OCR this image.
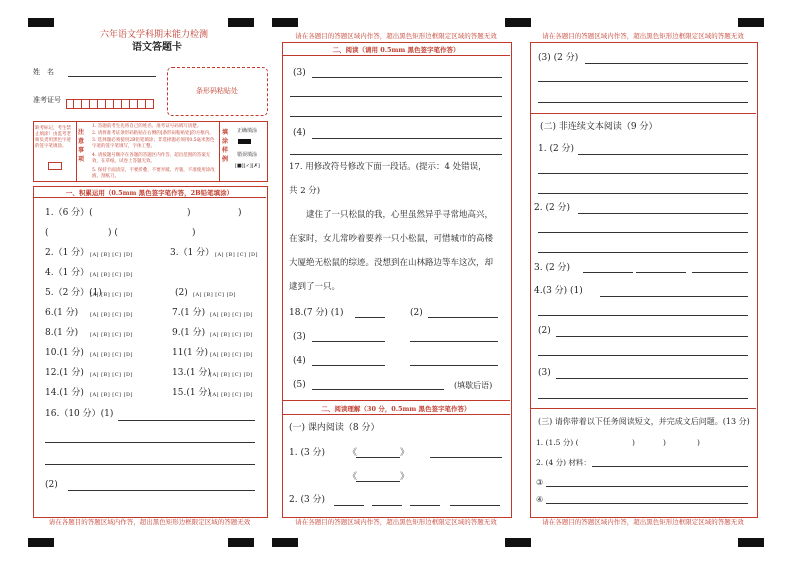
六年语文学科期末能力检测
语文答题卡
姓　名
准考证号
条形码粘贴处
缺考标记，考生禁止填涂！由监考老师负责用黑色字迹的签字笔填涂。
注意事项
1. 答题前考生先将自己的姓名、准考证号码填写清楚。
2. 请将准考证条形码粘贴在右侧的[条形码粘贴处]的方框内。
3. 选择题必须使用2B铅笔填涂；非选择题必须用0.5毫米黑色字迹的签字笔填写，字体工整。
4. 请按题号顺序在各题的答题区内作答，超出范围的答案无效，在草纸、试卷上答题无效。
5. 保持卡面清洁，不要折叠，不要弄破、弄皱，不准使用涂改液、刮纸刀。
填涂样例
正确填涂
错误填涂
[■][✓][✗]
一、积累运用（0.5mm 黑色签字笔作答，2B铅笔填涂）
1.（6 分）(	)	)
(	) (	)
2.（1 分） [A] [B] [C] [D]	3.（1 分） [A] [B] [C] [D]
4.（1 分） [A] [B] [C] [D]
5.（2 分）(1)
[A] [B] [C] [D]	(2) [A] [B] [C] [D]
6.(1 分) [A] [B] [C] [D]	7.(1 分) [A] [B] [C] [D]
8.(1 分) [A] [B] [C] [D]	9.(1 分) [A] [B] [C] [D]
10.(1 分) [A] [B] [C] [D]	11(1 分) [A] [B] [C] [D]
12.(1 分) [A] [B] [C] [D]	13.(1 分) [A] [B] [C] [D]
14.(1 分) [A] [B] [C] [D]	15.(1 分) [A] [B] [C] [D]
16.（10 分）(1)
(2)
请在各题目的答题区域内作答，超出黑色矩形边框限定区域的答题无效
请在各题目的答题区域内作答，超出黑色矩形边框限定区域的答题无效
二、阅读（请用 0.5mm 黑色签字笔作答）
(3)
(4)
17. 用修改符号修改下面一段话。(提示：4 处错误，
共 2 分)
逮住了一只松鼠的我，心里虽然异乎寻常地高兴，在家时，女儿常吵着要养一只小松鼠，可惜城市的高楼大厦绝无松鼠的综迹。没想到在山林路边等车这次，却逮到了一只。
18.(7 分) (1)	(2)
(3)
(4)
(5)	(填歇后语)
二、阅读理解（30 分，0.5mm 黑色签字笔作答）
(一) 课内阅读（8 分）
1. (3 分)	《	》
《	》
2. (3 分)
请在各题目的答题区域内作答，超出黑色矩形边框限定区域的答题无效
请在各题目的答题区域内作答，超出黑色矩形边框限定区域的答题无效
(3) (2 分)
(二) 非连续文本阅读（9 分）
1. (2 分)
2. (2 分)
3. (2 分)
4.(3 分) (1)
(2)
(3)
(三) 请你带着以下任务阅读短文，并完成文后问题。(13 分)
1. (1.5 分) (	)	)	)
2. (4 分) 材料：
③
④
请在各题目的答题区域内作答，超出黑色矩形边框限定区域的答题无效
